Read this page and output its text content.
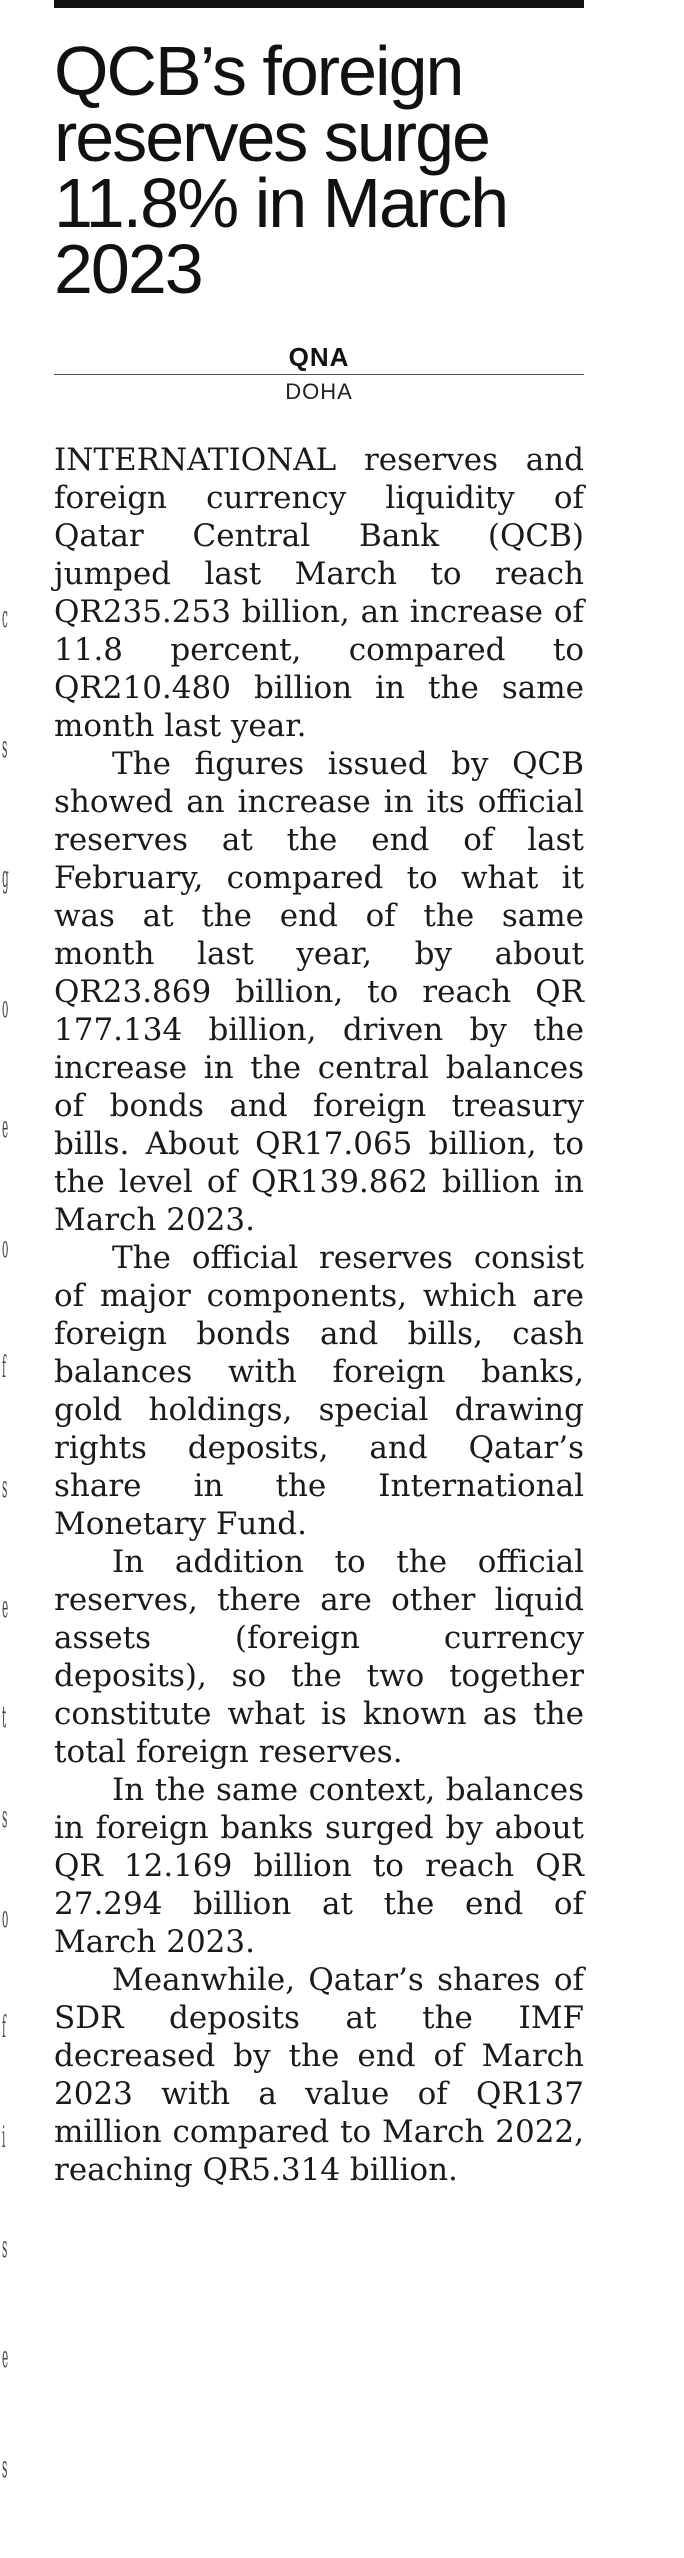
c
s
g
o
e
o
f
s
e
t
s
o
f
i
s
e
s
QCB’s foreign reserves surge 11.8% in March 2023
QNA
DOHA

INTERNATIONAL reserves and foreign currency liquidity of Qatar Central Bank (QCB) jumped last March to reach QR235.253 billion, an increase of 11.8 percent, compared to QR210.480 billion in the same month last year.

The figures issued by QCB showed an increase in its official reserves at the end of last February, compared to what it was at the end of the same month last year, by about QR23.869 billion, to reach QR 177.134 billion, driven by the increase in the central balances of bonds and foreign treasury bills. About QR17.065 billion, to the level of QR139.862 billion in March 2023.

The official reserves consist of major components, which are foreign bonds and bills, cash balances with foreign banks, gold holdings, special drawing rights deposits, and Qatar’s share in the International Monetary Fund.

In addition to the official reserves, there are other liquid assets (foreign currency deposits), so the two together constitute what is known as the total foreign reserves.

In the same context, balances in foreign banks surged by about QR 12.169 billion to reach QR 27.294 billion at the end of March 2023.

Meanwhile, Qatar’s shares of SDR deposits at the IMF decreased by the end of March 2023 with a value of QR137 million compared to March 2022, reaching QR5.314 billion.
